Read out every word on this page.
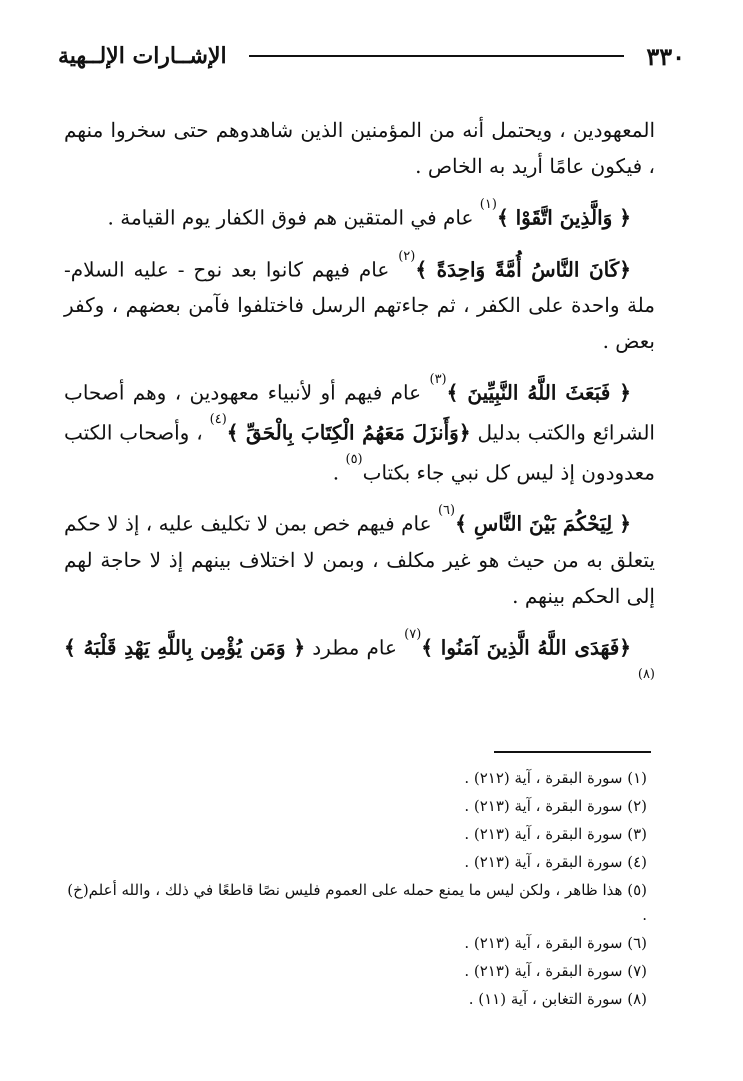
٣٣٠
الإشــارات الإلــهية

المعهودين ، ويحتمل أنه من المؤمنين الذين شاهدوهم حتى سخروا منهم ، فيكون عامًا أريد به الخاص .

﴿ وَالَّذِينَ اتَّقَوْا ﴾$^{(١)}$ عام في المتقين هم فوق الكفار يوم القيامة .

﴿كَانَ النَّاسُ أُمَّةً وَاحِدَةً ﴾$^{(٢)}$ عام فيهم كانوا بعد نوح - عليه السلام- ملة واحدة على الكفر ، ثم جاءتهم الرسل فاختلفوا فآمن بعضهم ، وكفر بعض .

﴿ فَبَعَثَ اللَّهُ النَّبِيِّينَ ﴾$^{(٣)}$ عام فيهم أو لأنبياء معهودين ، وهم أصحاب الشرائع والكتب بدليل ﴿وَأَنزَلَ مَعَهُمُ الْكِتَابَ بِالْحَقِّ ﴾$^{(٤)}$ ، وأصحاب الكتب معدودون إذ ليس كل نبي جاء بكتاب$^{(٥)}$ .

﴿ لِيَحْكُمَ بَيْنَ النَّاسِ ﴾$^{(٦)}$ عام فيهم خص بمن لا تكليف عليه ، إذ لا حكم يتعلق به من حيث هو غير مكلف ، وبمن لا اختلاف بينهم إذ لا حاجة لهم إلى الحكم بينهم .

﴿فَهَدَى اللَّهُ الَّذِينَ آمَنُوا ﴾$^{(٧)}$ عام مطرد ﴿ وَمَن يُؤْمِن بِاللَّهِ يَهْدِ قَلْبَهُ ﴾$^{(٨)}$

(١) سورة البقرة ، آية (٢١٢) .

(٢) سورة البقرة ، آية (٢١٣) .

(٣) سورة البقرة ، آية (٢١٣) .

(٤) سورة البقرة ، آية (٢١٣) .

(٥) هذا ظاهر ، ولكن ليس ما يمنع حمله على العموم فليس نصًا قاطعًا في ذلك ، والله أعلم(خ) .

(٦) سورة البقرة ، آية (٢١٣) .

(٧) سورة البقرة ، آية (٢١٣) .

(٨) سورة التغابن ، آية (١١) .
